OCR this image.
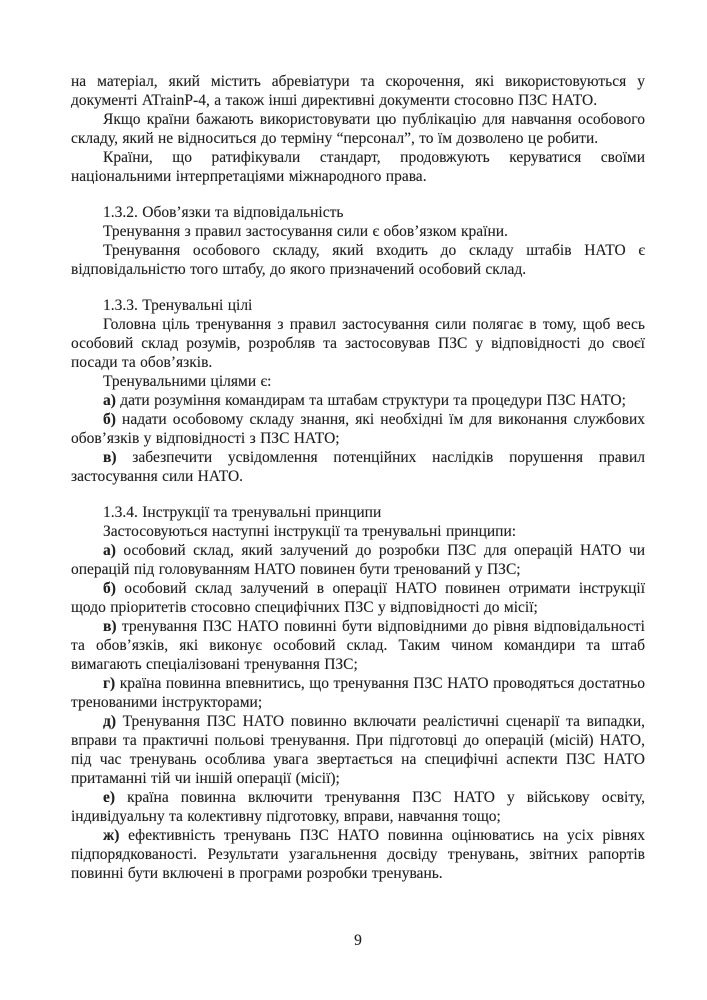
на матеріал, який містить абревіатури та скорочення, які використовуються у документі ATrainP-4, а також інші директивні документи стосовно ПЗС НАТО.

Якщо країни бажають використовувати цю публікацію для навчання особового складу, який не відноситься до терміну “персонал”, то їм дозволено це робити.

Країни, що ратифікували стандарт, продовжують керуватися своїми національними інтерпретаціями міжнародного права.

1.3.2. Обов’язки та відповідальність

Тренування з правил застосування сили є обов’язком країни.

Тренування особового складу, який входить до складу штабів НАТО є відповідальністю того штабу, до якого призначений особовий склад.

1.3.3. Тренувальні цілі

Головна ціль тренування з правил застосування сили полягає в тому, щоб весь особовий склад розумів, розробляв та застосовував ПЗС у відповідності до своєї посади та обов’язків.

Тренувальними цілями є:

а) дати розуміння командирам та штабам структури та процедури ПЗС НАТО;

б) надати особовому складу знання, які необхідні їм для виконання службових обов’язків у відповідності з ПЗС НАТО;

в) забезпечити усвідомлення потенційних наслідків порушення правил застосування сили НАТО.

1.3.4. Інструкції та тренувальні принципи

Застосовуються наступні інструкції та тренувальні принципи:

а) особовий склад, який залучений до розробки ПЗС для операцій НАТО чи операцій під головуванням НАТО повинен бути тренований у ПЗС;

б) особовий склад залучений в операції НАТО повинен отримати інструкції щодо пріоритетів стосовно специфічних ПЗС у відповідності до місії;

в) тренування ПЗС НАТО повинні бути відповідними до рівня відповідальності та обов’язків, які виконує особовий склад. Таким чином командири та штаб вимагають спеціалізовані тренування ПЗС;

г) країна повинна впевнитись, що тренування ПЗС НАТО проводяться достатньо тренованими інструкторами;

д) Тренування ПЗС НАТО повинно включати реалістичні сценарії та випадки, вправи та практичні польові тренування. При підготовці до операцій (місій) НАТО, під час тренувань особлива увага звертається на специфічні аспекти ПЗС НАТО притаманні тій чи іншій операції (місії);

е) країна повинна включити тренування ПЗС НАТО у військову освіту, індивідуальну та колективну підготовку, вправи, навчання тощо;

ж) ефективність тренувань ПЗС НАТО повинна оцінюватись на усіх рівнях підпорядкованості. Результати узагальнення досвіду тренувань, звітних рапортів повинні бути включені в програми розробки тренувань.

9
